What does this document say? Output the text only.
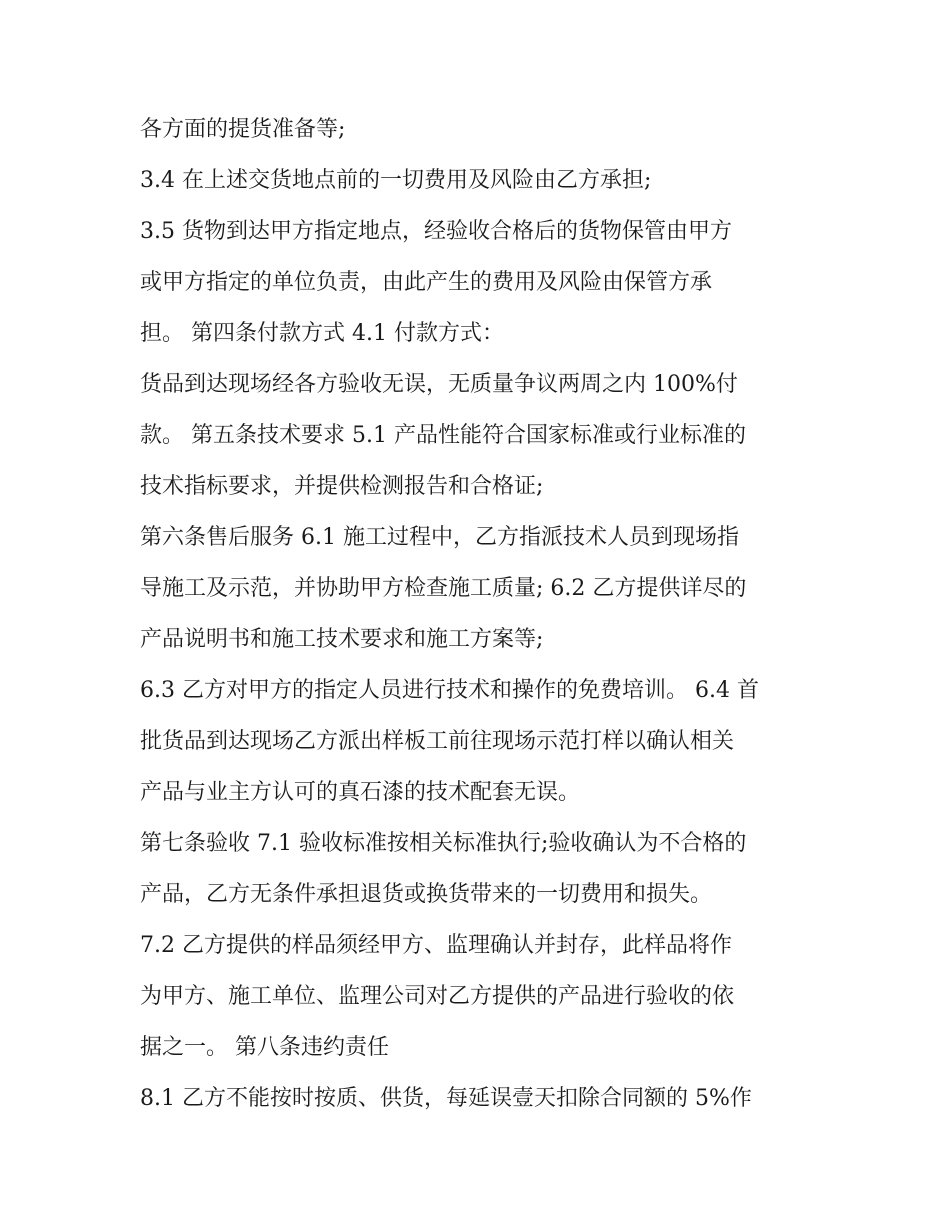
各方面的提货准备等;
3.4 在上述交货地点前的一切费用及风险由乙方承担;
3.5 货物到达甲方指定地点，经验收合格后的货物保管由甲方
或甲方指定的单位负责，由此产生的费用及风险由保管方承
担。 第四条付款方式 4.1 付款方式：
货品到达现场经各方验收无误，无质量争议两周之内 100%付
款。 第五条技术要求 5.1 产品性能符合国家标准或行业标准的
技术指标要求，并提供检测报告和合格证;
第六条售后服务 6.1 施工过程中，乙方指派技术人员到现场指
导施工及示范，并协助甲方检查施工质量; 6.2 乙方提供详尽的
产品说明书和施工技术要求和施工方案等;
6.3 乙方对甲方的指定人员进行技术和操作的免费培训。 6.4 首
批货品到达现场乙方派出样板工前往现场示范打样以确认相关
产品与业主方认可的真石漆的技术配套无误。
第七条验收 7.1 验收标准按相关标准执行;验收确认为不合格的
产品，乙方无条件承担退货或换货带来的一切费用和损失。
7.2 乙方提供的样品须经甲方、监理确认并封存，此样品将作
为甲方、施工单位、监理公司对乙方提供的产品进行验收的依
据之一。 第八条违约责任
8.1 乙方不能按时按质、供货，每延误壹天扣除合同额的 5%作
